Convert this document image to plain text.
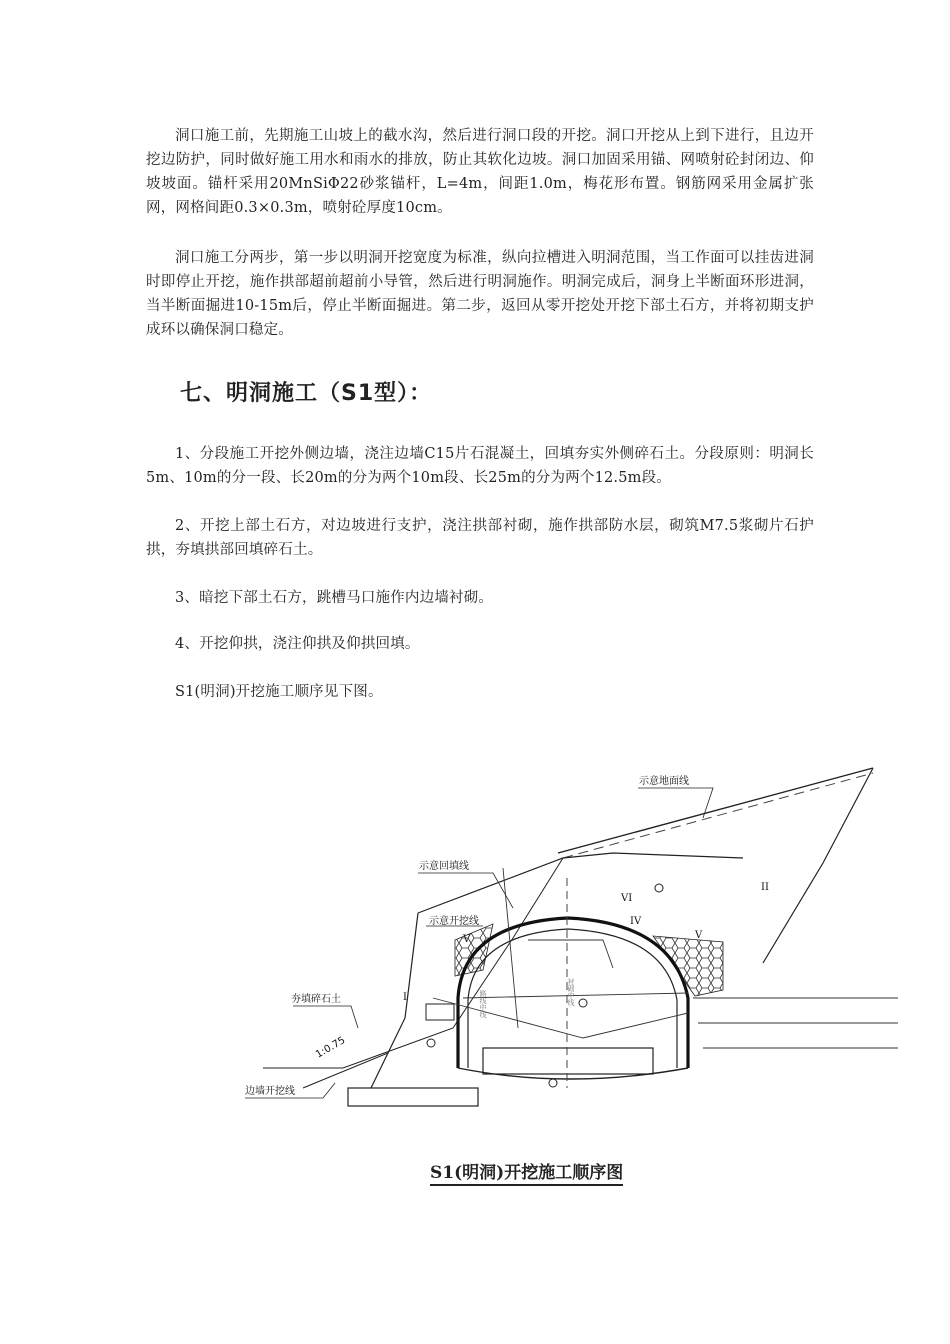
洞口施工前，先期施工山坡上的截水沟，然后进行洞口段的开挖。洞口开挖从上到下进行，且边开挖边防护，同时做好施工用水和雨水的排放，防止其软化边坡。洞口加固采用锚、网喷射砼封闭边、仰坡坡面。锚杆采用20MnSiΦ22砂浆锚杆，L=4m，间距1.0m，梅花形布置。钢筋网采用金属扩张网，网格间距0.3×0.3m，喷射砼厚度10cm。

洞口施工分两步，第一步以明洞开挖宽度为标准，纵向拉槽进入明洞范围，当工作面可以挂齿进洞时即停止开挖，施作拱部超前超前小导管，然后进行明洞施作。明洞完成后，洞身上半断面环形进洞，当半断面掘进10-15m后，停止半断面掘进。第二步，返回从零开挖处开挖下部土石方，并将初期支护成环以确保洞口稳定。

七、明洞施工（S1型）：

1、分段施工开挖外侧边墙，浇注边墙C15片石混凝土，回填夯实外侧碎石土。分段原则：明洞长5m、10m的分一段、长20m的分为两个10m段、长25m的分为两个12.5m段。

2、开挖上部土石方，对边坡进行支护，浇注拱部衬砌，施作拱部防水层，砌筑M7.5浆砌片石护拱，夯填拱部回填碎石土。

3、暗挖下部土石方，跳槽马口施作内边墙衬砌。

4、开挖仰拱，浇注仰拱及仰拱回填。

S1(明洞)开挖施工顺序见下图。

示意地面线
示意回填线
示意开挖线
夯填碎石土
边墙开挖线
I
II
IV
V	V
VI
1:0.75
路线中线	衬砌中线

S1(明洞)开挖施工顺序图
